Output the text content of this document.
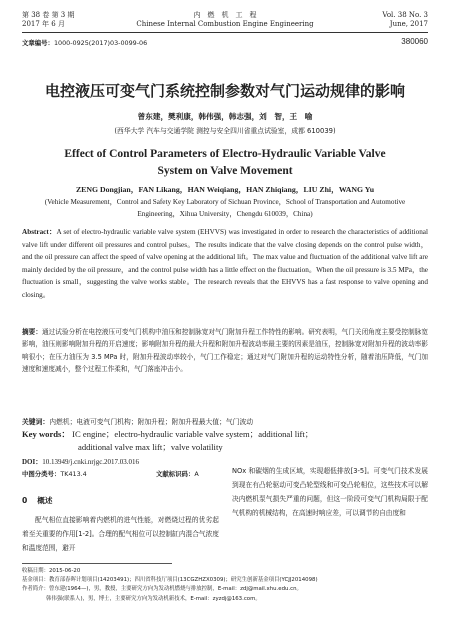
第 38 卷 第 3 期
2017 年 6 月
内　燃　机　工　程
Chinese Internal Combustion Engine Engineering
Vol. 38 No. 3
June, 2017
文章编号：1000-0925(2017)03-0099-06	380060
电控液压可变气门系统控制参数对气门运动规律的影响
曾东建，樊利康，韩伟强，韩志强，刘　智，王　喻
(西华大学 汽车与交通学院 测控与安全四川省重点试验室，成都 610039)
Effect of Control Parameters of Electro-Hydraulic Variable Valve System on Valve Movement
ZENG Dongjian，FAN Likang，HAN Weiqiang，HAN Zhiqiang，LIU Zhi，WANG Yu
(Vehicle Measurement，Control and Safety Key Laboratory of Sichuan Province，School of Transportation and Automotive Engineering，Xihua University，Chengdu 610039，China)
Abstract：A set of electro-hydraulic variable valve system (EHVVS) was investigated in order to research the characteristics of additional valve lift under different oil pressures and control pulses。The results indicate that the valve closing depends on the control pulse width，and the oil pressure can affect the speed of valve opening at the additional lift。The max value and fluctuation of the additional valve lift are mainly decided by the oil pressure，and the control pulse width has a little effect on the fluctuation。When the oil pressure is 3.5 MPa，the fluctuation is small，suggesting the valve works stable。The research reveals that the EHVVS has a fast response to valve opening and closing。
摘要：通过试验分析在电控液压可变气门机构中油压和控制脉宽对气门附加升程工作特性的影响。研究表明，气门关闭角度主要受控制脉宽影响，油压则影响附加升程的开启速度；影响附加升程的最大升程和附加升程波动率最主要的因素是油压，控制脉宽对附加升程的波动率影响很小；在压力油压为 3.5 MPa 时，附加升程波动率较小，气门工作稳定；通过对气门附加升程的运动特性分析，随着油压降低，气门加速度和速度减小，整个过程工作柔和，气门落座冲击小。
关键词：内燃机；电液可变气门机构；附加升程；附加升程最大值；气门波动
Key words： IC engine；electro-hydraulic variable valve system；additional lift；
additional valve max lift；valve volatility
DOI：10.13949/j.cnki.nrjgc.2017.03.016
中图分类号：TK413.4	文献标识码：A
0 概述
配气相位直接影响着内燃机的进气性能，对燃烧过程的优劣起着至关重要的作用[1-2]。合理的配气相位可以控制缸内混合气浓度和温度范围，避开
NOx 和碳烟的生成区域，实现超低排放[3-5]。可变气门技术发展到现在有凸轮驱动可变凸轮型线和可变凸轮相位，这些技术可以解决内燃机泵气损失严重的问题，但这一阶段可变气门机构局限于配气机构的机械结构，在高速时响应差，可以调节的自由度和
收稿日期：2015-06-20
基金项目：教育部春晖计划项目(14203491)；四川省科技厅项目(13CGZHZX0309)；研究生创新基金项目(YCJJ2014098)
作者简介：曾东建(1964—)，男，教授，主要研究方向为发动机燃烧与排放控制，E-mail：zdj@mail.xhu.edu.cn。
韩伟强(联系人)，男，博士，主要研究方向为发动机新技术，E-mail：zyzdj@163.com。
